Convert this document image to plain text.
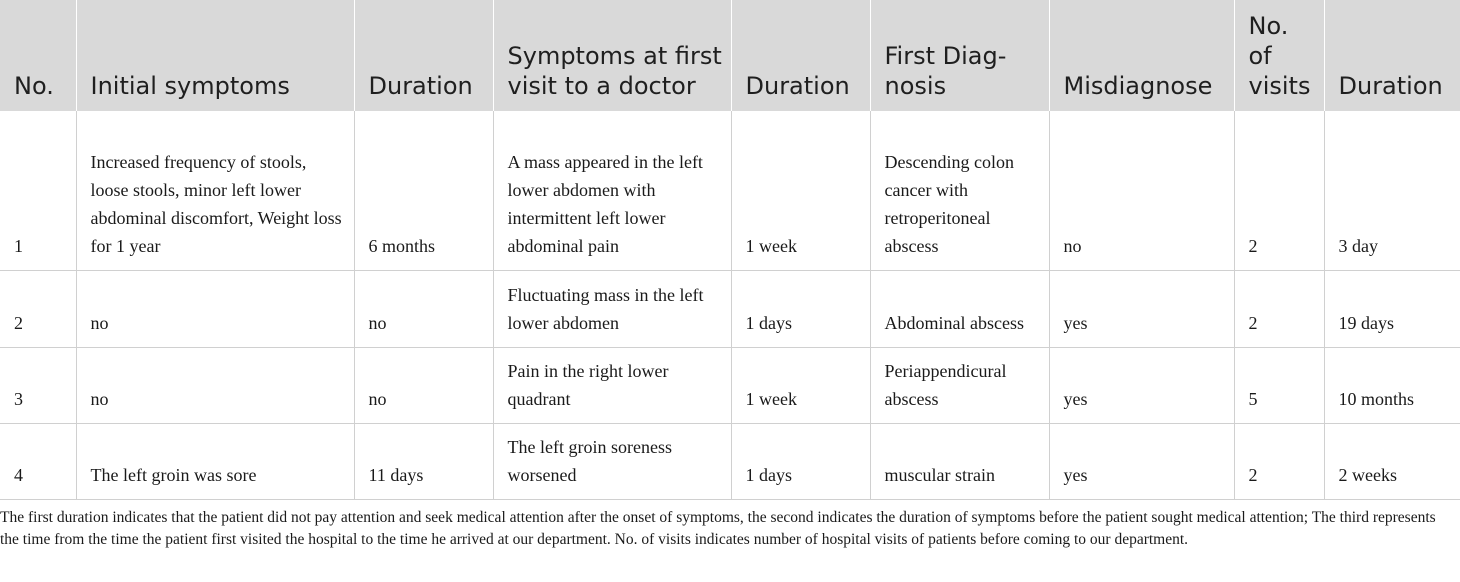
No.	Initial symptoms	Duration	Symptoms at first visit to a doctor	Duration	First Diag-nosis	Misdiagnose	No. of visits	Duration
1	Increased frequency of stools, loose stools, minor left lower abdominal discomfort, Weight loss for 1 year	6 months	A mass appeared in the left lower abdomen with intermittent left lower abdominal pain	1 week	Descending colon cancer with retroperitoneal abscess	no	2	3 day
2	no	no	Fluctuating mass in the left lower abdomen	1 days	Abdominal abscess	yes	2	19 days
3	no	no	Pain in the right lower quadrant	1 week	Periappendicural abscess	yes	5	10 months
4	The left groin was sore	11 days	The left groin soreness worsened	1 days	muscular strain	yes	2	2 weeks
The first duration indicates that the patient did not pay attention and seek medical attention after the onset of symptoms, the second indicates the duration of symptoms before the patient sought medical attention; The third represents the time from the time the patient first visited the hospital to the time he arrived at our department. No. of visits indicates number of hospital visits of patients before coming to our department.
